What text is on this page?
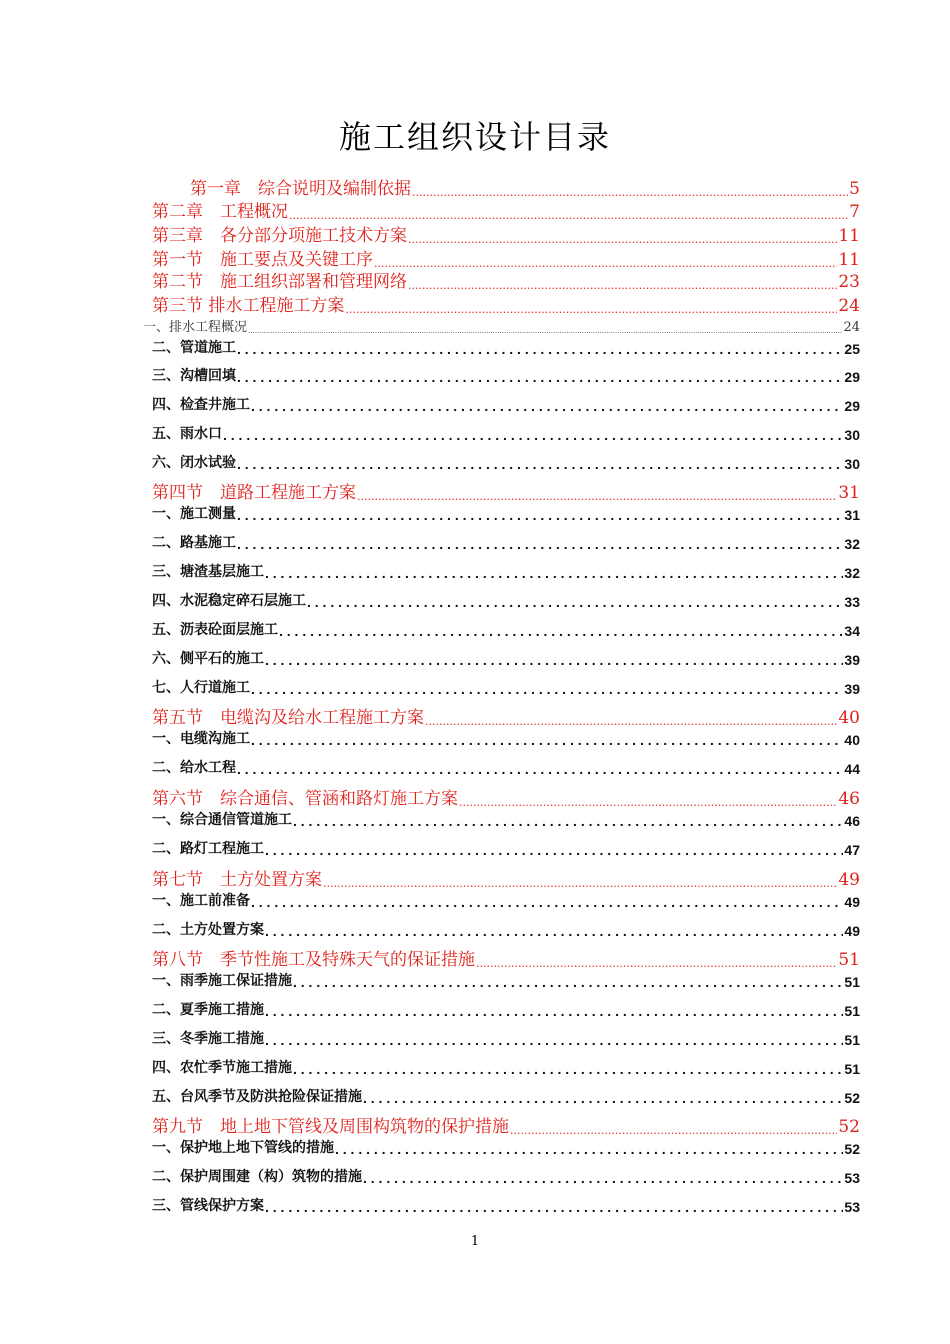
施工组织设计目录
第一章　综合说明及编制依据 .....	5
第二章　工程概况 .....	7
第三章　各分部分项施工技术方案 .....	11
第一节　施工要点及关键工序 .....	11
第二节　施工组织部署和管理网络 .....	23
第三节 排水工程施工方案 .....	24
一、排水工程概况 .....	24
二、管道施工 . . .	25
三、沟槽回填 . . .	29
四、检查井施工 . . .	29
五、雨水口 . . .	30
六、闭水试验 . . .	30
第四节　道路工程施工方案 .....	31
一、施工测量 . . .	31
二、路基施工 . . .	32
三、塘渣基层施工 . . .	32
四、水泥稳定碎石层施工 . . .	33
五、沥表砼面层施工 . . .	34
六、侧平石的施工 . . .	39
七、人行道施工 . . .	39
第五节　电缆沟及给水工程施工方案 .....	40
一、电缆沟施工 . . .	40
二、给水工程 . . .	44
第六节　综合通信、管涵和路灯施工方案 .....	46
一、综合通信管道施工 . . .	46
二、路灯工程施工 . . .	47
第七节　土方处置方案 .....	49
一、施工前准备 . . .	49
二、土方处置方案 . . .	49
第八节　季节性施工及特殊天气的保证措施 .....	51
一、雨季施工保证措施 . . .	51
二、夏季施工措施 . . .	51
三、冬季施工措施 . . .	51
四、农忙季节施工措施 . . .	51
五、台风季节及防洪抢险保证措施 . . .	52
第九节　地上地下管线及周围构筑物的保护措施 .....	52
一、保护地上地下管线的措施 . . .	52
二、保护周围建（构）筑物的措施 . . .	53
三、管线保护方案 . . .	53
1
